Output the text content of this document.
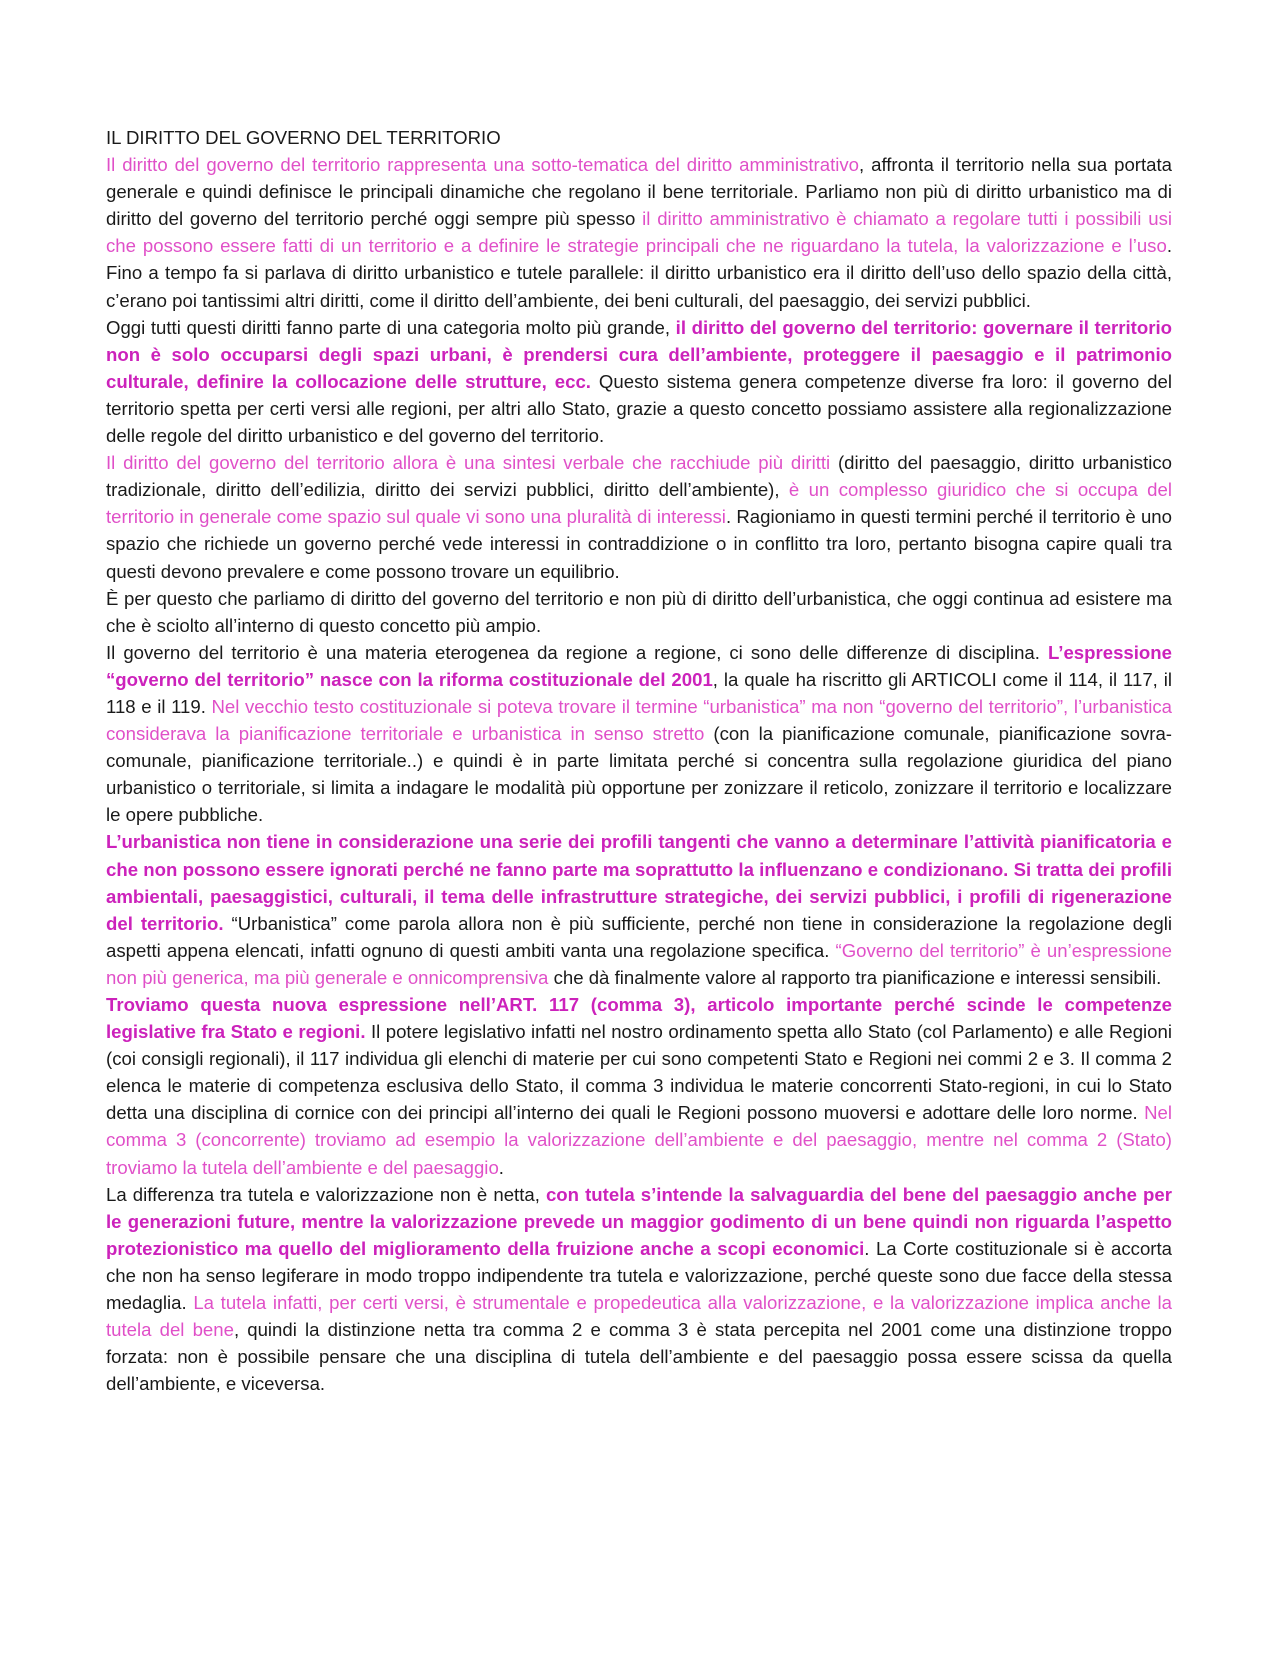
IL DIRITTO DEL GOVERNO DEL TERRITORIO

Il diritto del governo del territorio rappresenta una sotto-tematica del diritto amministrativo, affronta il territorio nella sua portata generale e quindi definisce le principali dinamiche che regolano il bene territoriale. Parliamo non più di diritto urbanistico ma di diritto del governo del territorio perché oggi sempre più spesso il diritto amministrativo è chiamato a regolare tutti i possibili usi che possono essere fatti di un territorio e a definire le strategie principali che ne riguardano la tutela, la valorizzazione e l’uso. Fino a tempo fa si parlava di diritto urbanistico e tutele parallele: il diritto urbanistico era il diritto dell’uso dello spazio della città, c’erano poi tantissimi altri diritti, come il diritto dell’ambiente, dei beni culturali, del paesaggio, dei servizi pubblici.

Oggi tutti questi diritti fanno parte di una categoria molto più grande, il diritto del governo del territorio: governare il territorio non è solo occuparsi degli spazi urbani, è prendersi cura dell’ambiente, proteggere il paesaggio e il patrimonio culturale, definire la collocazione delle strutture, ecc. Questo sistema genera competenze diverse fra loro: il governo del territorio spetta per certi versi alle regioni, per altri allo Stato, grazie a questo concetto possiamo assistere alla regionalizzazione delle regole del diritto urbanistico e del governo del territorio.

Il diritto del governo del territorio allora è una sintesi verbale che racchiude più diritti (diritto del paesaggio, diritto urbanistico tradizionale, diritto dell’edilizia, diritto dei servizi pubblici, diritto dell’ambiente), è un complesso giuridico che si occupa del territorio in generale come spazio sul quale vi sono una pluralità di interessi. Ragioniamo in questi termini perché il territorio è uno spazio che richiede un governo perché vede interessi in contraddizione o in conflitto tra loro, pertanto bisogna capire quali tra questi devono prevalere e come possono trovare un equilibrio.

È per questo che parliamo di diritto del governo del territorio e non più di diritto dell’urbanistica, che oggi continua ad esistere ma che è sciolto all’interno di questo concetto più ampio.

Il governo del territorio è una materia eterogenea da regione a regione, ci sono delle differenze di disciplina. L’espressione “governo del territorio” nasce con la riforma costituzionale del 2001, la quale ha riscritto gli ARTICOLI come il 114, il 117, il 118 e il 119. Nel vecchio testo costituzionale si poteva trovare il termine “urbanistica” ma non “governo del territorio”, l’urbanistica considerava la pianificazione territoriale e urbanistica in senso stretto (con la pianificazione comunale, pianificazione sovra-comunale, pianificazione territoriale..) e quindi è in parte limitata perché si concentra sulla regolazione giuridica del piano urbanistico o territoriale, si limita a indagare le modalità più opportune per zonizzare il reticolo, zonizzare il territorio e localizzare le opere pubbliche.

L’urbanistica non tiene in considerazione una serie dei profili tangenti che vanno a determinare l’attività pianificatoria e che non possono essere ignorati perché ne fanno parte ma soprattutto la influenzano e condizionano. Si tratta dei profili ambientali, paesaggistici, culturali, il tema delle infrastrutture strategiche, dei servizi pubblici, i profili di rigenerazione del territorio. “Urbanistica” come parola allora non è più sufficiente, perché non tiene in considerazione la regolazione degli aspetti appena elencati, infatti ognuno di questi ambiti vanta una regolazione specifica. “Governo del territorio” è un’espressione non più generica, ma più generale e onnicomprensiva che dà finalmente valore al rapporto tra pianificazione e interessi sensibili.

Troviamo questa nuova espressione nell’ART. 117 (comma 3), articolo importante perché scinde le competenze legislative fra Stato e regioni. Il potere legislativo infatti nel nostro ordinamento spetta allo Stato (col Parlamento) e alle Regioni (coi consigli regionali), il 117 individua gli elenchi di materie per cui sono competenti Stato e Regioni nei commi 2 e 3. Il comma 2 elenca le materie di competenza esclusiva dello Stato, il comma 3 individua le materie concorrenti Stato-regioni, in cui lo Stato detta una disciplina di cornice con dei principi all’interno dei quali le Regioni possono muoversi e adottare delle loro norme. Nel comma 3 (concorrente) troviamo ad esempio la valorizzazione dell’ambiente e del paesaggio, mentre nel comma 2 (Stato) troviamo la tutela dell’ambiente e del paesaggio.

La differenza tra tutela e valorizzazione non è netta, con tutela s’intende la salvaguardia del bene del paesaggio anche per le generazioni future, mentre la valorizzazione prevede un maggior godimento di un bene quindi non riguarda l’aspetto protezionistico ma quello del miglioramento della fruizione anche a scopi economici. La Corte costituzionale si è accorta che non ha senso legiferare in modo troppo indipendente tra tutela e valorizzazione, perché queste sono due facce della stessa medaglia. La tutela infatti, per certi versi, è strumentale e propedeutica alla valorizzazione, e la valorizzazione implica anche la tutela del bene, quindi la distinzione netta tra comma 2 e comma 3 è stata percepita nel 2001 come una distinzione troppo forzata: non è possibile pensare che una disciplina di tutela dell’ambiente e del paesaggio possa essere scissa da quella dell’ambiente, e viceversa.
